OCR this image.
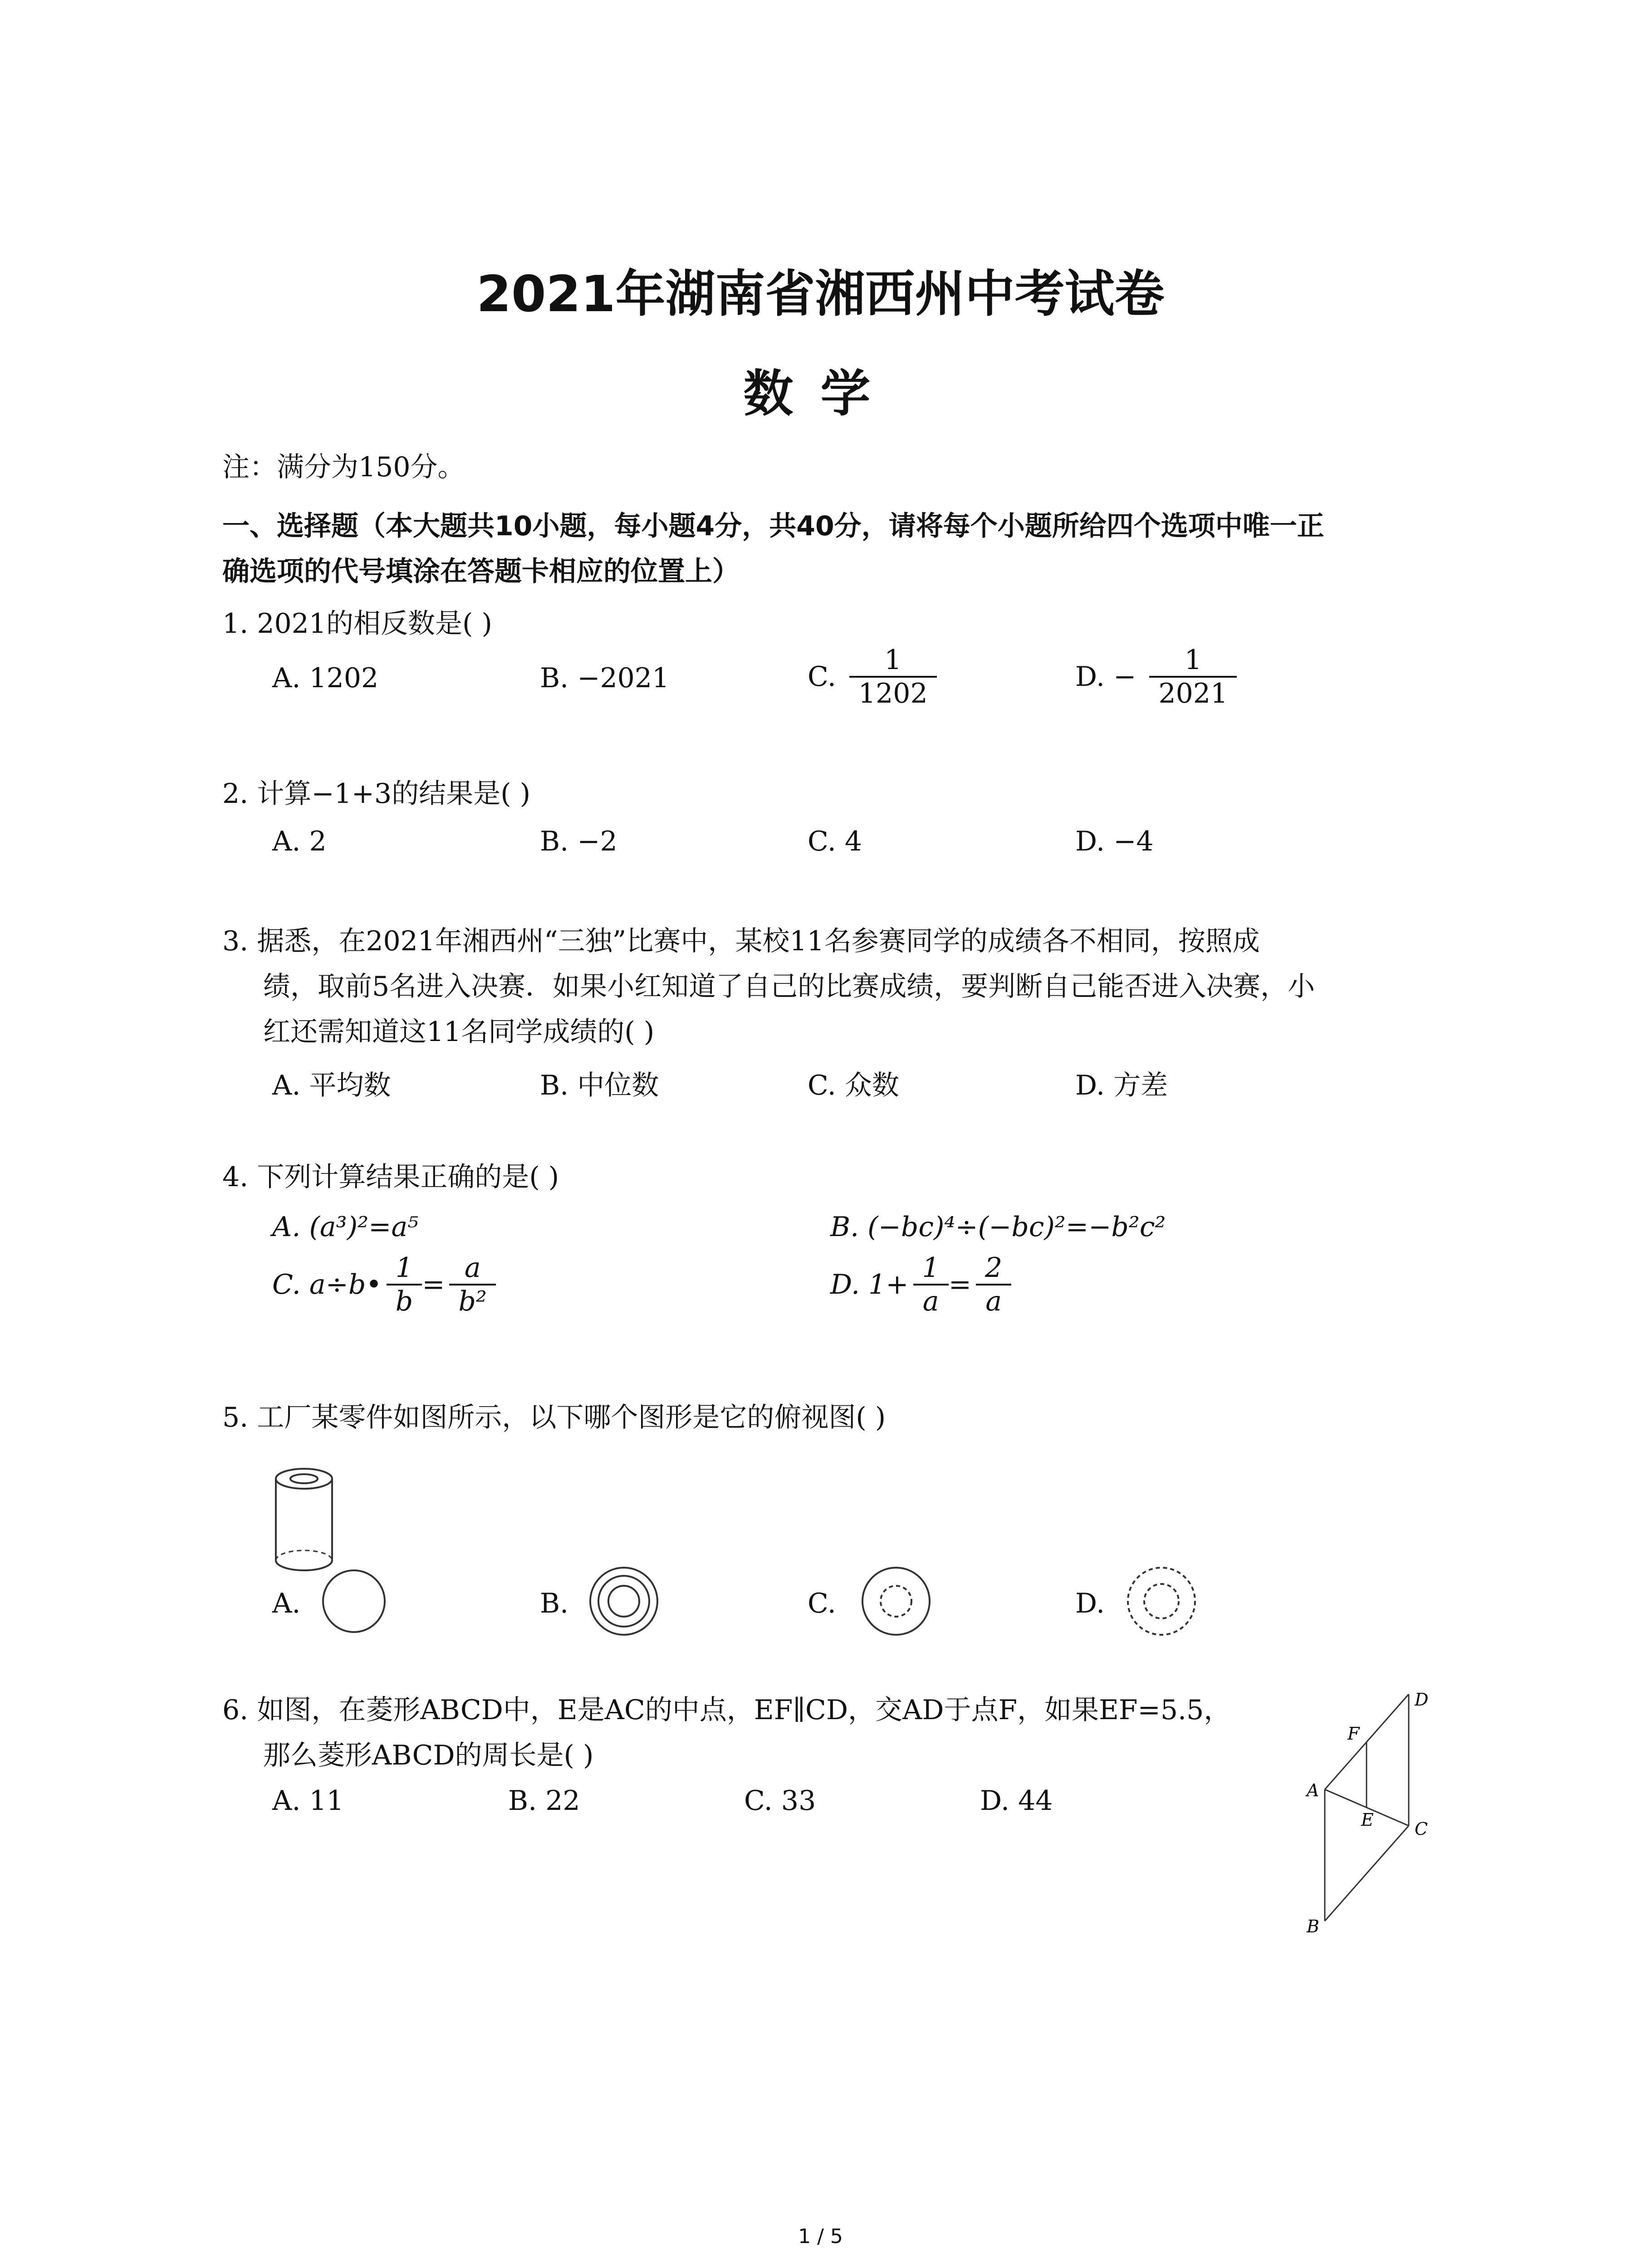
2021年湖南省湘西州中考试卷
数学
注：满分为150分。
一、选择题（本大题共10小题，每小题4分，共40分，请将每个小题所给四个选项中唯一正
确选项的代号填涂在答题卡相应的位置上）
1. 2021的相反数是( )
A. 1202	B. −2021	C. $\frac{1}{1202}$	D. − $\frac{1}{2021}$
2. 计算−1+3的结果是( )
A. 2	B. −2	C. 4	D. −4
3. 据悉，在2021年湘西州“三独”比赛中，某校11名参赛同学的成绩各不相同，按照成
绩，取前5名进入决赛．如果小红知道了自己的比赛成绩，要判断自己能否进入决赛，小
红还需知道这11名同学成绩的( )
A. 平均数	B. 中位数	C. 众数	D. 方差
4. 下列计算结果正确的是( )
A. (a³)²=a⁵	B. (−bc)⁴÷(−bc)²=−b²c²
C. a÷b• $\frac{1}{b} = \frac{a}{\text{b²}}$	D. $1+ \frac{1}{a} = \frac{2}{a}$
5. 工厂某零件如图所示，以下哪个图形是它的俯视图( )
A.	B.	C.	D.
6. 如图，在菱形ABCD中，E是AC的中点，EF∥CD，交AD于点F，如果EF=5.5，
那么菱形ABCD的周长是( )
A. 11	B. 22	C. 33	D. 44	A
B
C
D
E
F
1 / 5
